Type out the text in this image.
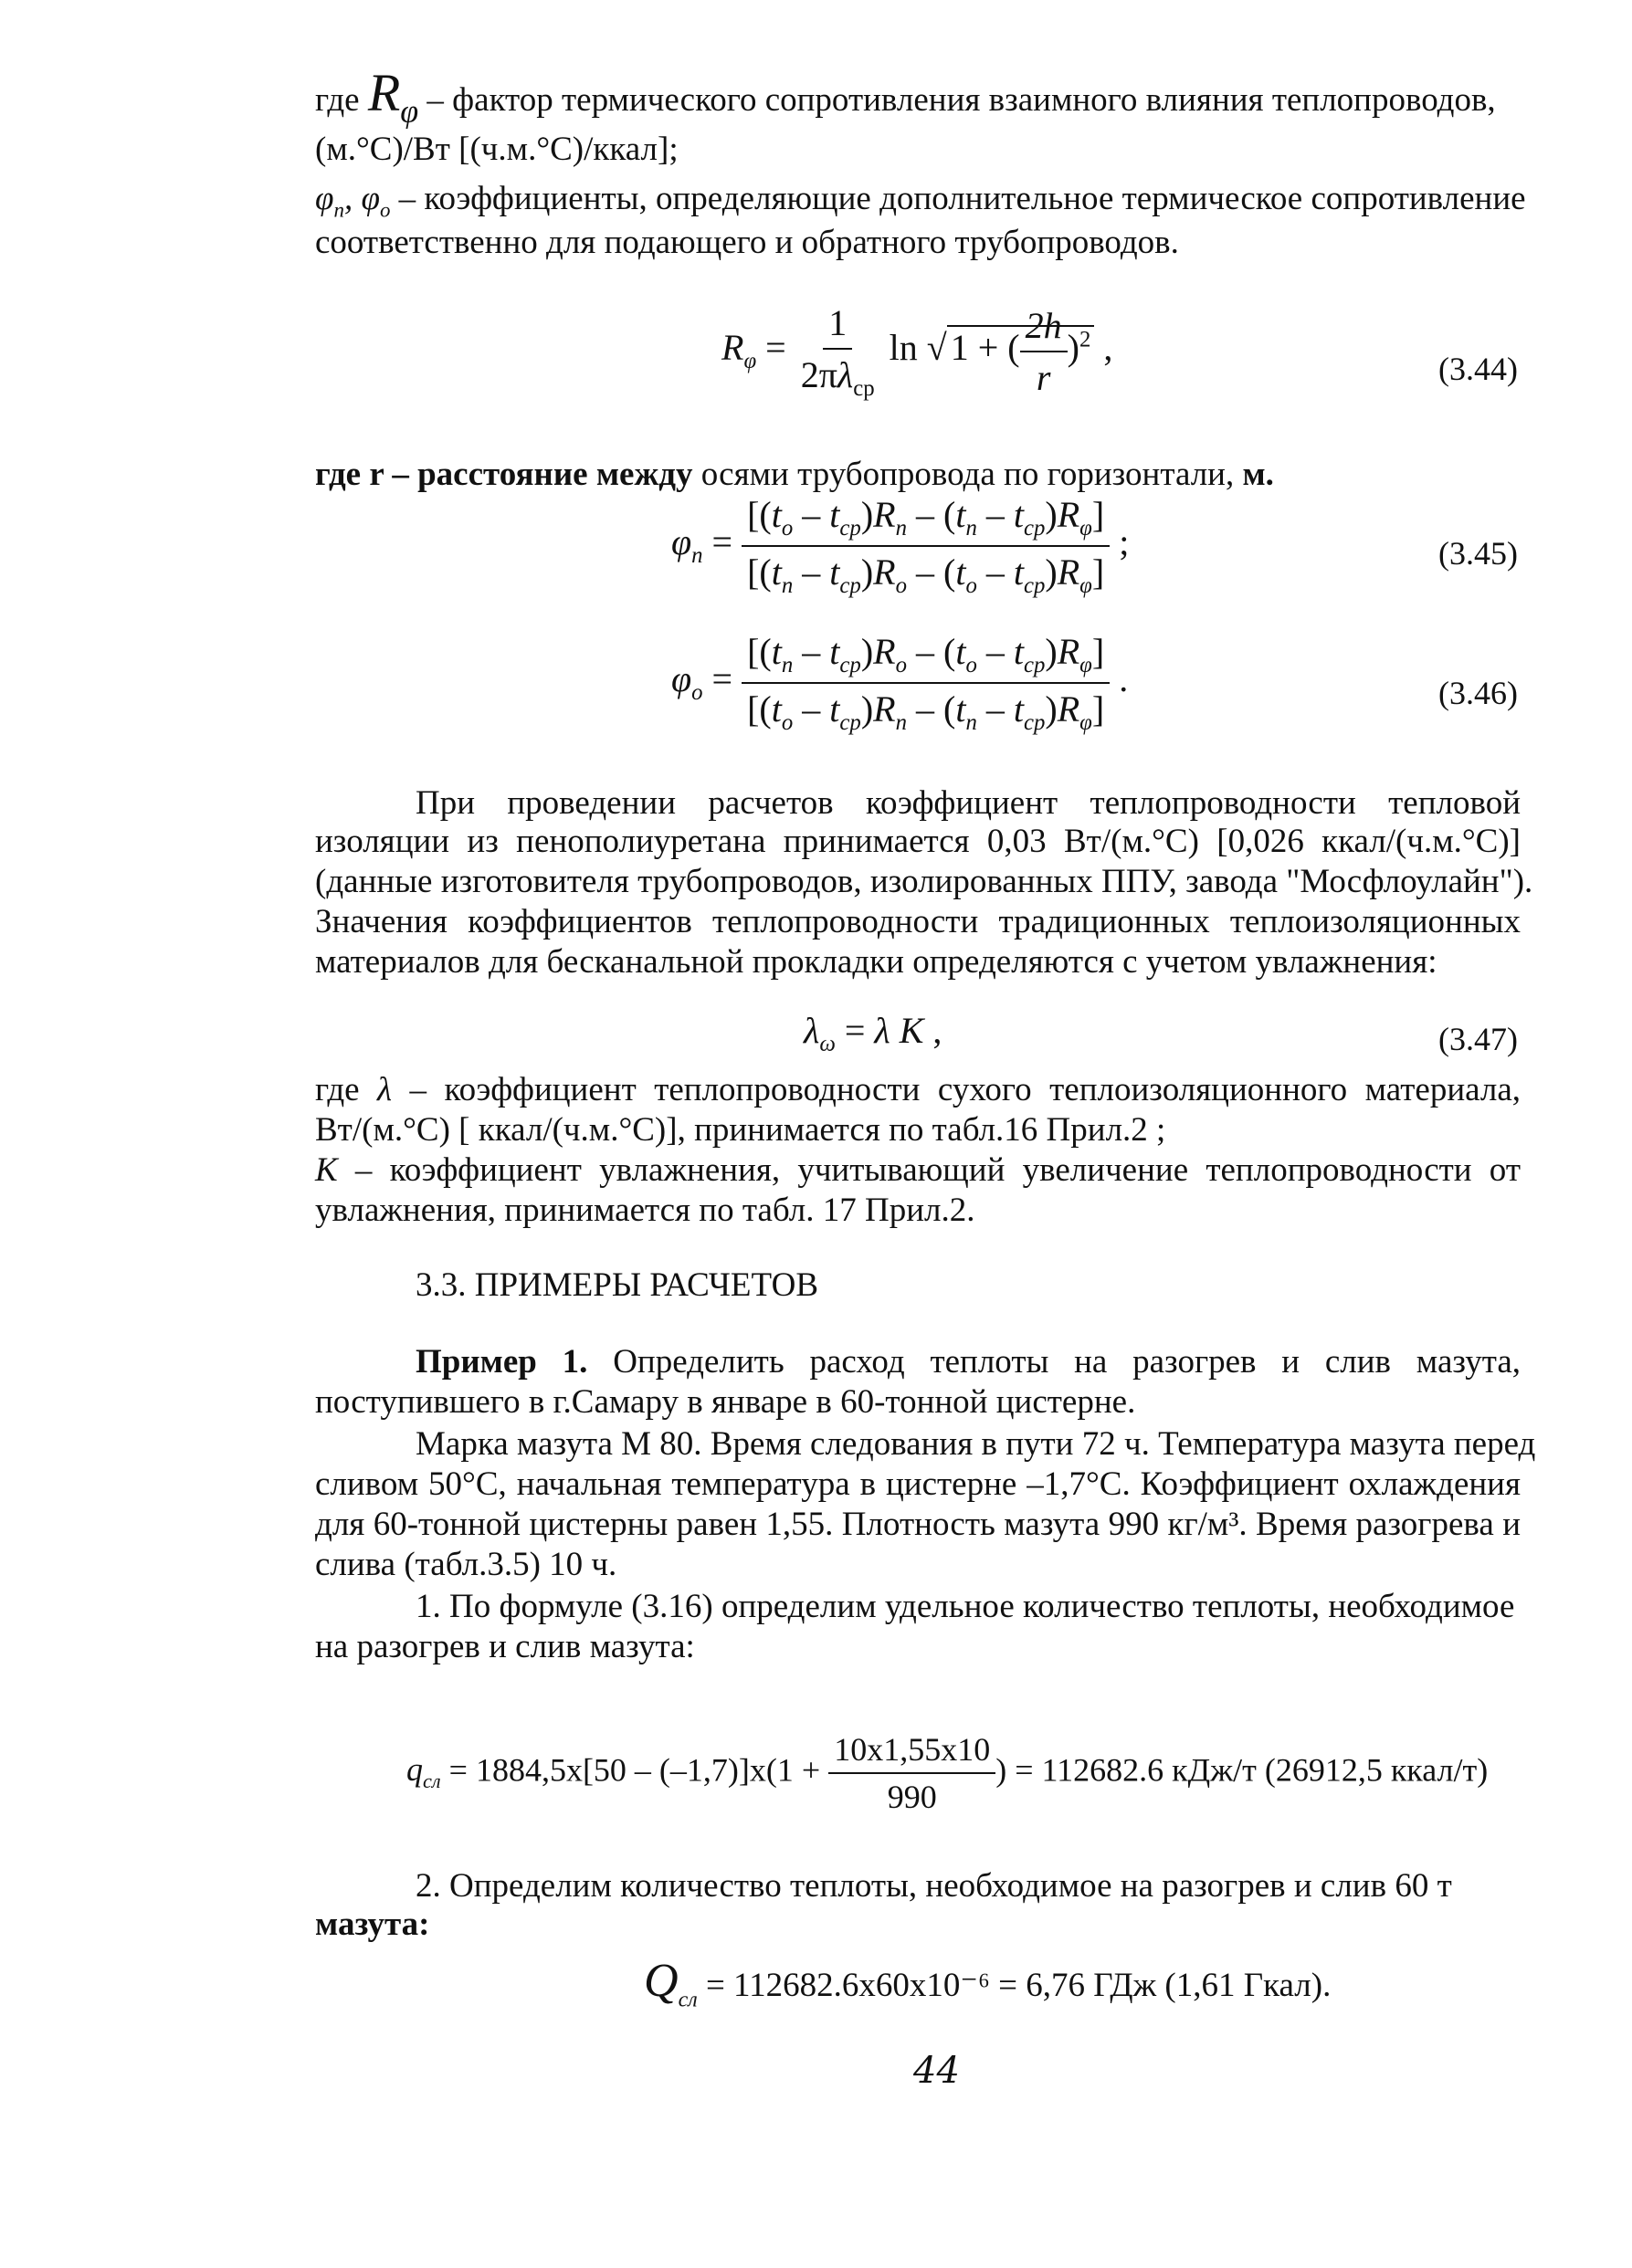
где $R_\varphi$ – фактор термического сопротивления взаимного влияния теплопроводов,
(м.°С)/Вт [(ч.м.°С)/ккал];
$\varphi_п$, $\varphi_о$ – коэффициенты, определяющие дополнительное термическое сопротивление
соответственно для подающего и обратного трубопроводов.
$R_\varphi = \frac{1}{2\pi\lambda_{ср}}$ ln √ 1 + ( $\frac{2h}{r} )^2$ ,
(3.44)
где r – расстояние между осями трубопровода по горизонтали, м.
$\varphi_п = \frac{[(t_о - t_{ср})R_п - (t_п - t_{ср})R_\varphi]}{[(t_п - t_{ср})R_о - (t_о - t_{ср})R_\varphi]}$ ;	(3.45)
$\varphi_о = \frac{[(t_п - t_{ср})R_о - (t_о - t_{ср})R_\varphi]}{[(t_о - t_{ср})R_п - (t_п - t_{ср})R_\varphi]}$ .	(3.46)
При проведении расчетов коэффициент теплопроводности тепловой
изоляции из пенополиуретана принимается 0,03 Вт/(м.°С) [0,026 ккал/(ч.м.°С)]
(данные изготовителя трубопроводов, изолированных ППУ, завода "Мосфлоулайн").
Значения коэффициентов теплопроводности традиционных теплоизоляционных
материалов для бесканальной прокладки определяются с учетом увлажнения:
$\lambda_\omega = \lambda$ K ,	(3.47)
где λ – коэффициент теплопроводности сухого теплоизоляционного материала,
Вт/(м.°С) [ ккал/(ч.м.°С)], принимается по табл.16 Прил.2 ;
K – коэффициент увлажнения, учитывающий увеличение теплопроводности от
увлажнения, принимается по табл. 17 Прил.2.
3.3. ПРИМЕРЫ РАСЧЕТОВ
Пример 1. Определить расход теплоты на разогрев и слив мазута,
поступившего в г.Самару в январе в 60-тонной цистерне.
Марка мазута М 80. Время следования в пути 72 ч. Температура мазута перед
сливом 50°С, начальная температура в цистерне –1,7°С. Коэффициент охлаждения
для 60-тонной цистерны равен 1,55. Плотность мазута 990 кг/м³. Время разогрева и
слива (табл.3.5) 10 ч.
1. По формуле (3.16) определим удельное количество теплоты, необходимое
на разогрев и слив мазута:
$q_{сл} = 1884,5x[50 - (-1,7)]x(1 + \frac{10x1,55x10}{990}$ ) = 112682.6 кДж/т (26912,5 ккал/т)
2. Определим количество теплоты, необходимое на разогрев и слив 60 т
мазута:
$Q_{сл} = 112682.6x60x10^{-6} = 6,76$ ГДж (1,61 Гкал).
44
